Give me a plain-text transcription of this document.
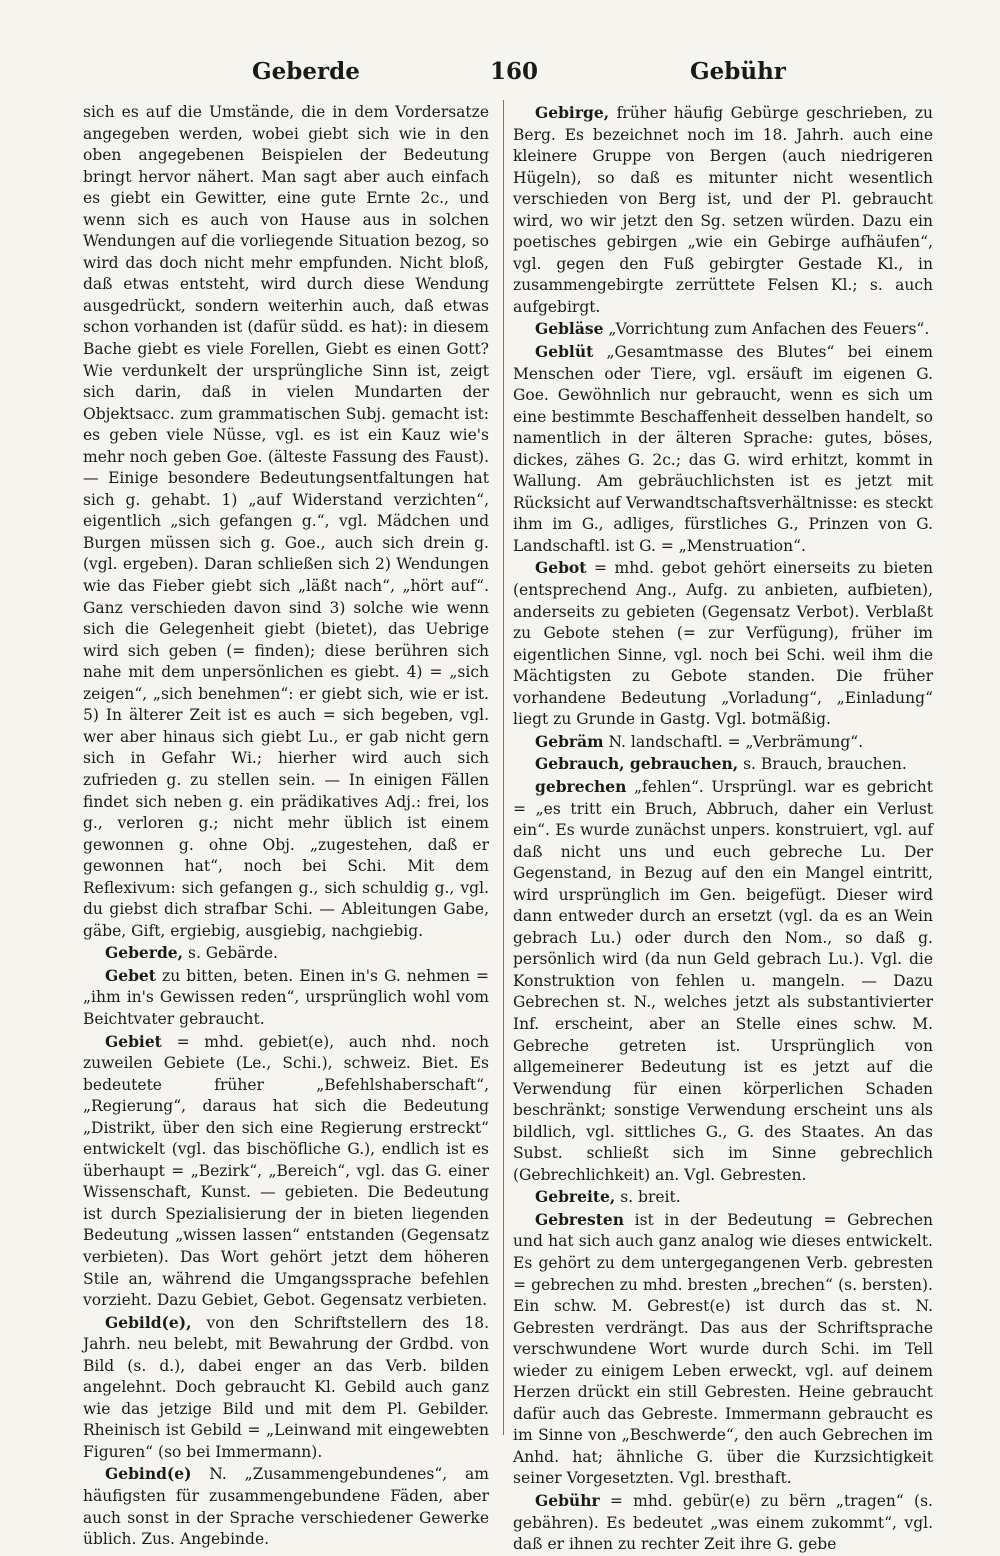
Geberde	160	Gebühr

sich es auf die Umstände, die in dem Vordersatze angegeben werden, wobei giebt sich wie in den oben angegebenen Beispielen der Bedeutung bringt hervor nähert. Man sagt aber auch einfach es giebt ein Gewitter, eine gute Ernte 2c., und wenn sich es auch von Hause aus in solchen Wendungen auf die vorliegende Situation bezog, so wird das doch nicht mehr empfunden. Nicht bloß, daß etwas entsteht, wird durch diese Wendung ausgedrückt, sondern weiterhin auch, daß etwas schon vorhanden ist (dafür südd. es hat): in diesem Bache giebt es viele Forellen, Giebt es einen Gott? Wie verdunkelt der ursprüngliche Sinn ist, zeigt sich darin, daß in vielen Mundarten der Objektsacc. zum grammatischen Subj. gemacht ist: es geben viele Nüsse, vgl. es ist ein Kauz wie's mehr noch geben Goe. (älteste Fassung des Faust). — Einige besondere Bedeutungsentfaltungen hat sich g. gehabt. 1) „auf Widerstand verzichten“, eigentlich „sich gefangen g.“, vgl. Mädchen und Burgen müssen sich g. Goe., auch sich drein g. (vgl. ergeben). Daran schließen sich 2) Wendungen wie das Fieber giebt sich „läßt nach“, „hört auf“. Ganz verschieden davon sind 3) solche wie wenn sich die Gelegenheit giebt (bietet), das Uebrige wird sich geben (= finden); diese berühren sich nahe mit dem unpersönlichen es giebt. 4) = „sich zeigen“, „sich benehmen“: er giebt sich, wie er ist. 5) In älterer Zeit ist es auch = sich begeben, vgl. wer aber hinaus sich giebt Lu., er gab nicht gern sich in Gefahr Wi.; hierher wird auch sich zufrieden g. zu stellen sein. — In einigen Fällen findet sich neben g. ein prädikatives Adj.: frei, los g., verloren g.; nicht mehr üblich ist einem gewonnen g. ohne Obj. „zugestehen, daß er gewonnen hat“, noch bei Schi. Mit dem Reflexivum: sich gefangen g., sich schuldig g., vgl. du giebst dich strafbar Schi. — Ableitungen Gabe, gäbe, Gift, ergiebig, ausgiebig, nachgiebig.

Geberde, s. Gebärde.

Gebet zu bitten, beten. Einen in's G. nehmen = „ihm in's Gewissen reden“, ursprünglich wohl vom Beichtvater gebraucht.

Gebiet = mhd. gebiet(e), auch nhd. noch zuweilen Gebiete (Le., Schi.), schweiz. Biet. Es bedeutete früher „Befehlshaberschaft“, „Regierung“, daraus hat sich die Bedeutung „Distrikt, über den sich eine Regierung erstreckt“ entwickelt (vgl. das bischöfliche G.), endlich ist es überhaupt = „Bezirk“, „Bereich“, vgl. das G. einer Wissenschaft, Kunst. — gebieten. Die Bedeutung ist durch Spezialisierung der in bieten liegenden Bedeutung „wissen lassen“ entstanden (Gegensatz verbieten). Das Wort gehört jetzt dem höheren Stile an, während die Umgangssprache befehlen vorzieht. Dazu Gebiet, Gebot. Gegensatz verbieten.

Gebild(e), von den Schriftstellern des 18. Jahrh. neu belebt, mit Bewahrung der Grdbd. von Bild (s. d.), dabei enger an das Verb. bilden angelehnt. Doch gebraucht Kl. Gebild auch ganz wie das jetzige Bild und mit dem Pl. Gebilder. Rheinisch ist Gebild = „Leinwand mit eingewebten Figuren“ (so bei Immermann).

Gebind(e) N. „Zusammengebundenes“, am häufigsten für zusammengebundene Fäden, aber auch sonst in der Sprache verschiedener Gewerke üblich. Zus. Angebinde.

Gebirge, früher häufig Gebürge geschrieben, zu Berg. Es bezeichnet noch im 18. Jahrh. auch eine kleinere Gruppe von Bergen (auch niedrigeren Hügeln), so daß es mitunter nicht wesentlich verschieden von Berg ist, und der Pl. gebraucht wird, wo wir jetzt den Sg. setzen würden. Dazu ein poetisches gebirgen „wie ein Gebirge aufhäufen“, vgl. gegen den Fuß gebirgter Gestade Kl., in zusammengebirgte zerrüttete Felsen Kl.; s. auch aufgebirgt.

Gebläse „Vorrichtung zum Anfachen des Feuers“.

Geblüt „Gesamtmasse des Blutes“ bei einem Menschen oder Tiere, vgl. ersäuft im eigenen G. Goe. Gewöhnlich nur gebraucht, wenn es sich um eine bestimmte Beschaffenheit desselben handelt, so namentlich in der älteren Sprache: gutes, böses, dickes, zähes G. 2c.; das G. wird erhitzt, kommt in Wallung. Am gebräuchlichsten ist es jetzt mit Rücksicht auf Verwandtschaftsverhältnisse: es steckt ihm im G., adliges, fürstliches G., Prinzen von G. Landschaftl. ist G. = „Menstruation“.

Gebot = mhd. gebot gehört einerseits zu bieten (entsprechend Ang., Aufg. zu anbieten, aufbieten), anderseits zu gebieten (Gegensatz Verbot). Verblaßt zu Gebote stehen (= zur Verfügung), früher im eigentlichen Sinne, vgl. noch bei Schi. weil ihm die Mächtigsten zu Gebote standen. Die früher vorhandene Bedeutung „Vorladung“, „Einladung“ liegt zu Grunde in Gastg. Vgl. botmäßig.

Gebräm N. landschaftl. = „Verbrämung“.

Gebrauch, gebrauchen, s. Brauch, brauchen.

gebrechen „fehlen“. Ursprüngl. war es gebricht = „es tritt ein Bruch, Abbruch, daher ein Verlust ein“. Es wurde zunächst unpers. konstruiert, vgl. auf daß nicht uns und euch gebreche Lu. Der Gegenstand, in Bezug auf den ein Mangel eintritt, wird ursprünglich im Gen. beigefügt. Dieser wird dann entweder durch an ersetzt (vgl. da es an Wein gebrach Lu.) oder durch den Nom., so daß g. persönlich wird (da nun Geld gebrach Lu.). Vgl. die Konstruktion von fehlen u. mangeln. — Dazu Gebrechen st. N., welches jetzt als substantivierter Inf. erscheint, aber an Stelle eines schw. M. Gebreche getreten ist. Ursprünglich von allgemeinerer Bedeutung ist es jetzt auf die Verwendung für einen körperlichen Schaden beschränkt; sonstige Verwendung erscheint uns als bildlich, vgl. sittliches G., G. des Staates. An das Subst. schließt sich im Sinne gebrechlich (Gebrechlichkeit) an. Vgl. Gebresten.

Gebreite, s. breit.

Gebresten ist in der Bedeutung = Gebrechen und hat sich auch ganz analog wie dieses entwickelt. Es gehört zu dem untergegangenen Verb. gebresten = gebrechen zu mhd. bresten „brechen“ (s. bersten). Ein schw. M. Gebrest(e) ist durch das st. N. Gebresten verdrängt. Das aus der Schriftsprache verschwundene Wort wurde durch Schi. im Tell wieder zu einigem Leben erweckt, vgl. auf deinem Herzen drückt ein still Gebresten. Heine gebraucht dafür auch das Gebreste. Immermann gebraucht es im Sinne von „Beschwerde“, den auch Gebrechen im Anhd. hat; ähnliche G. über die Kurzsichtigkeit seiner Vorgesetzten. Vgl. bresthaft.

Gebühr = mhd. gebür(e) zu bërn „tragen“ (s. gebähren). Es bedeutet „was einem zukommt“, vgl. daß er ihnen zu rechter Zeit ihre G. gebe
